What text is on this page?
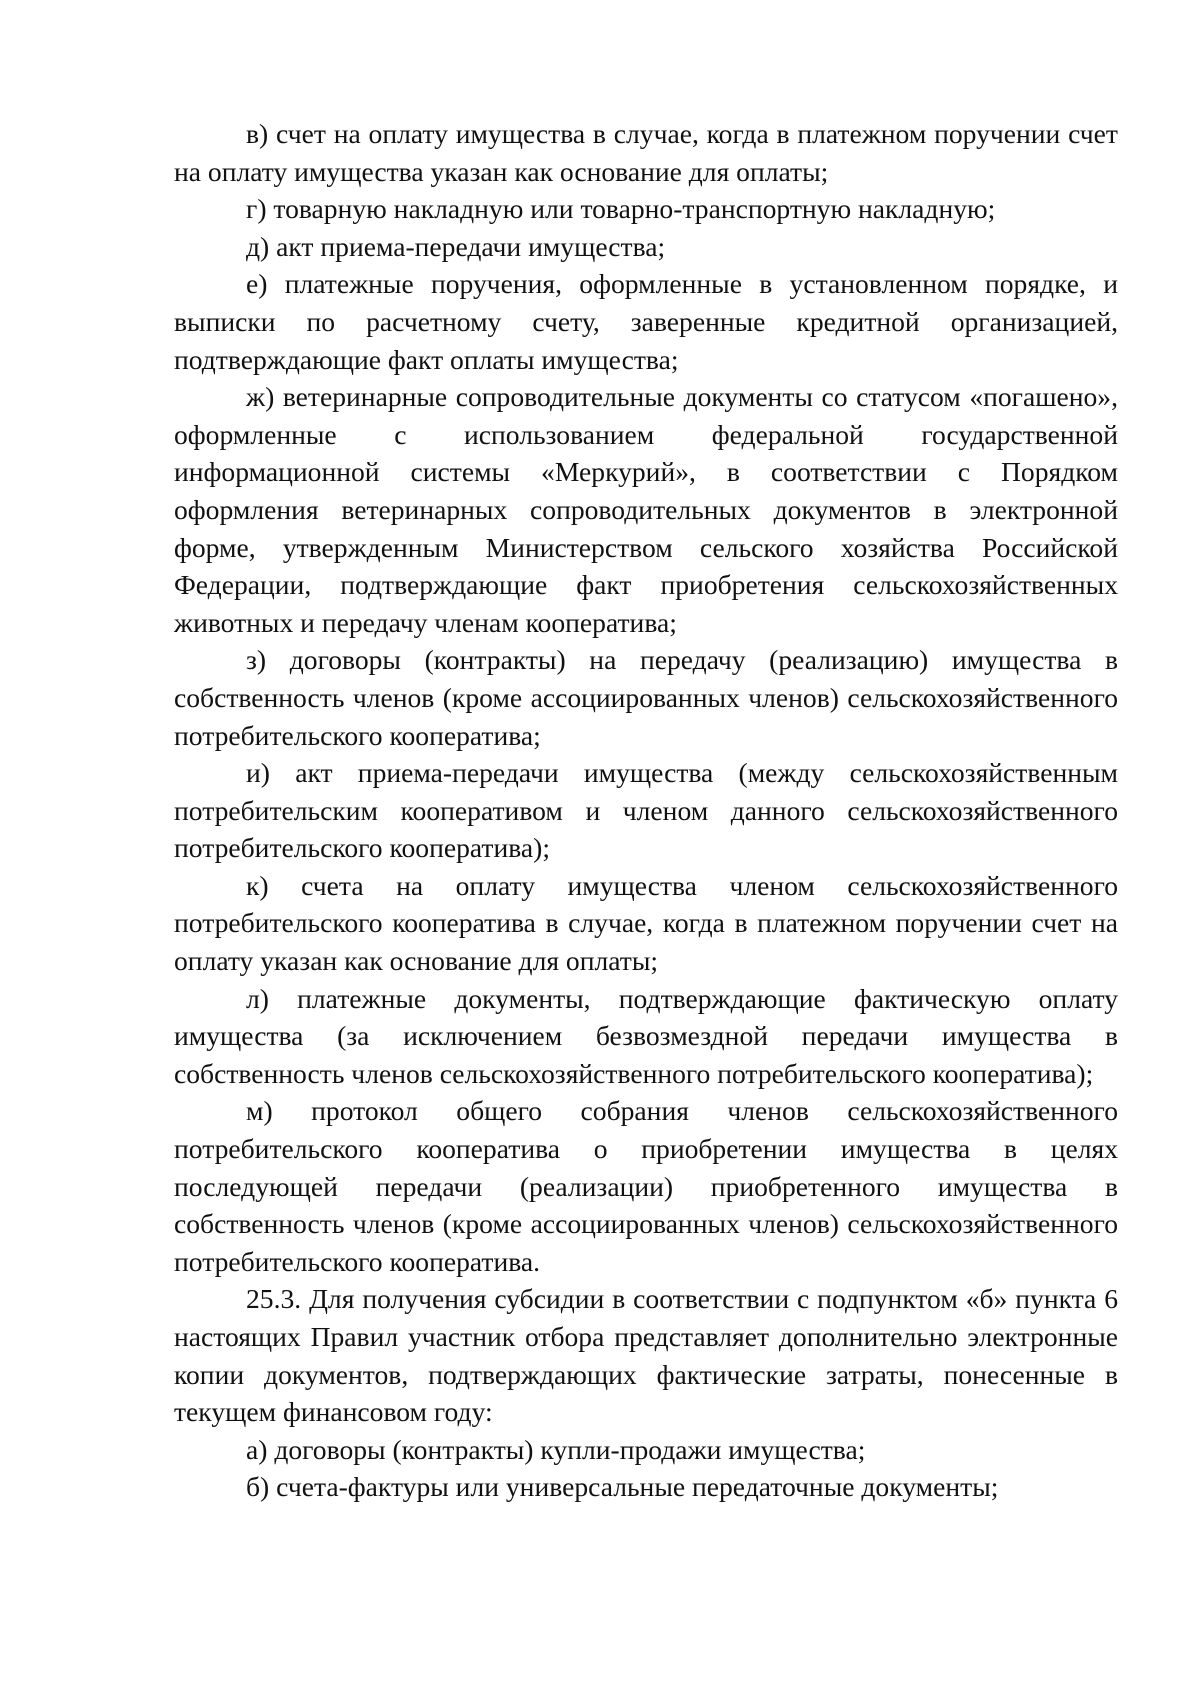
в) счет на оплату имущества в случае, когда в платежном поручении счет на оплату имущества указан как основание для оплаты;

г) товарную накладную или товарно-транспортную накладную;

д) акт приема-передачи имущества;

е) платежные поручения, оформленные в установленном порядке, и выписки по расчетному счету, заверенные кредитной организацией, подтверждающие факт оплаты имущества;

ж) ветеринарные сопроводительные документы со статусом «погашено», оформленные с использованием федеральной государственной информационной системы «Меркурий», в соответствии с Порядком оформления ветеринарных сопроводительных документов в электронной форме, утвержденным Министерством сельского хозяйства Российской Федерации, подтверждающие факт приобретения сельскохозяйственных животных и передачу членам кооператива;

з) договоры (контракты) на передачу (реализацию) имущества в собственность членов (кроме ассоциированных членов) сельскохозяйственного потребительского кооператива;

и) акт приема-передачи имущества (между сельскохозяйственным потребительским кооперативом и членом данного сельскохозяйственного потребительского кооператива);

к) счета на оплату имущества членом сельскохозяйственного потребительского кооператива в случае, когда в платежном поручении счет на оплату указан как основание для оплаты;

л) платежные документы, подтверждающие фактическую оплату имущества (за исключением безвозмездной передачи имущества в собственность членов сельскохозяйственного потребительского кооператива);

м) протокол общего собрания членов сельскохозяйственного потребительского кооператива о приобретении имущества в целях последующей передачи (реализации) приобретенного имущества в собственность членов (кроме ассоциированных членов) сельскохозяйственного потребительского кооператива.

25.3. Для получения субсидии в соответствии с подпунктом «б» пункта 6 настоящих Правил участник отбора представляет дополнительно электронные копии документов, подтверждающих фактические затраты, понесенные в текущем финансовом году:

а) договоры (контракты) купли-продажи имущества;

б) счета-фактуры или универсальные передаточные документы;
